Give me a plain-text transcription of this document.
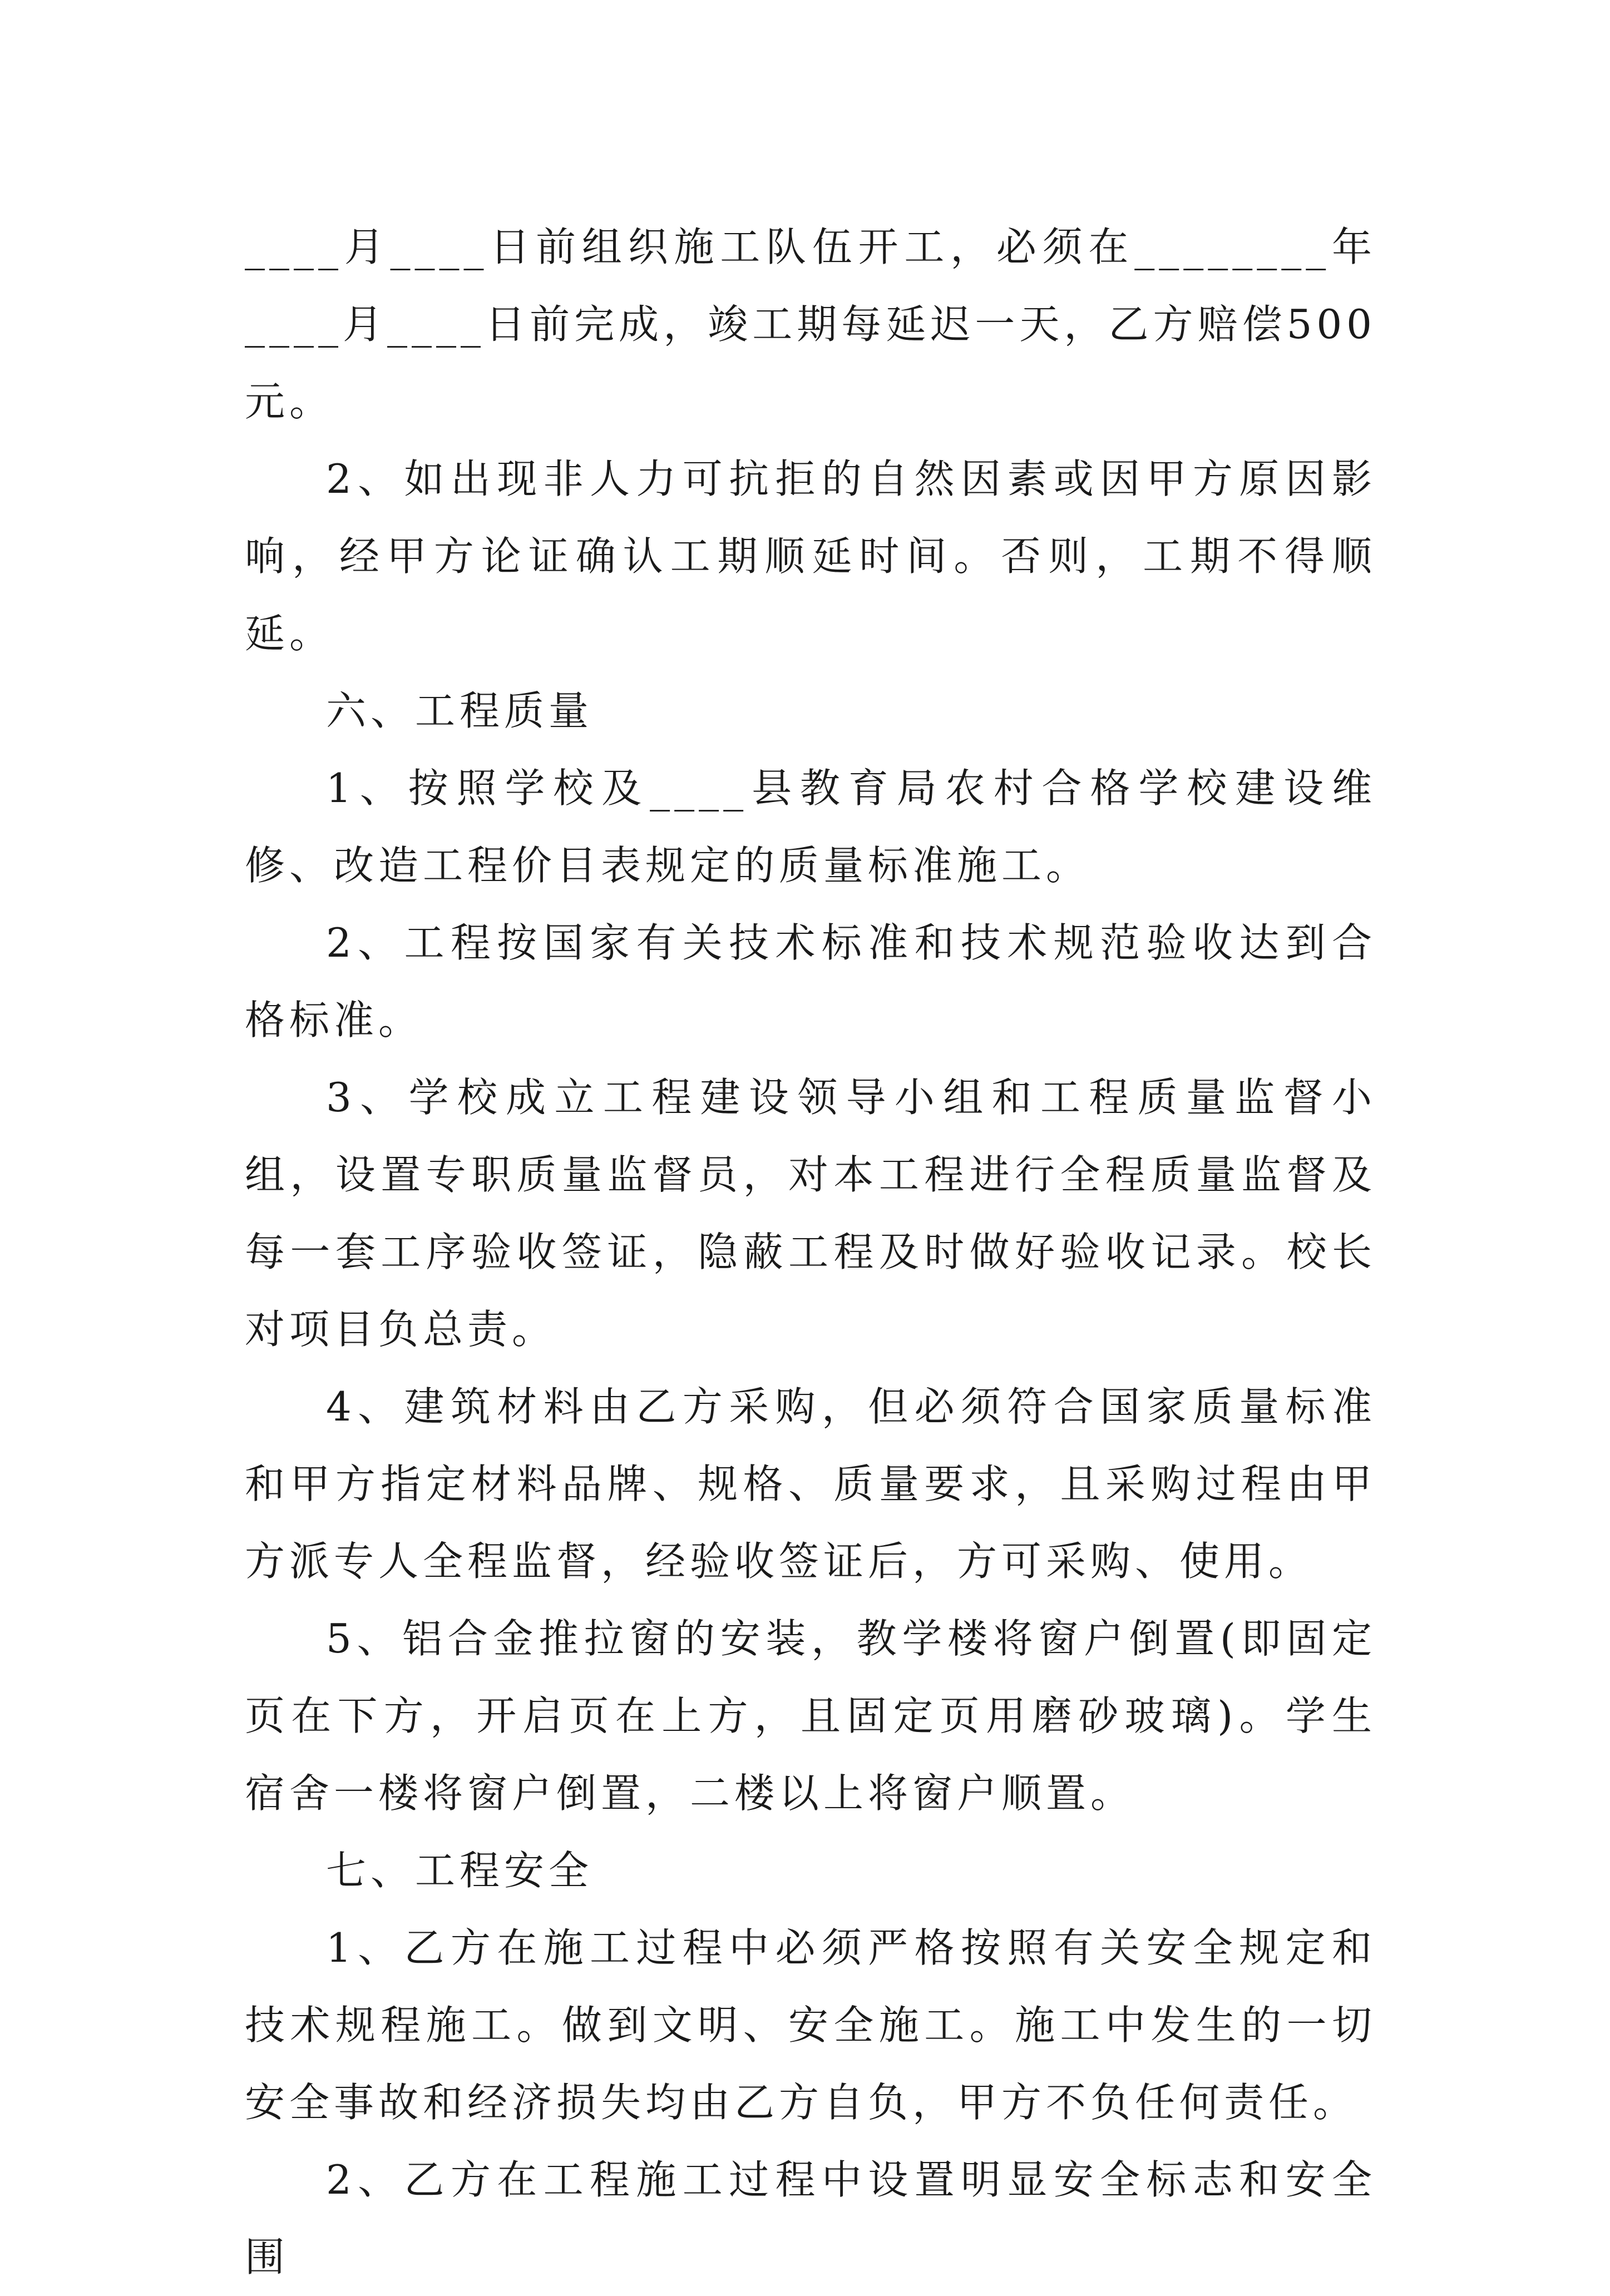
____月____日前组织施工队伍开工，必须在________年____月____日前完成，竣工期每延迟一天，乙方赔偿500元。

2、如出现非人力可抗拒的自然因素或因甲方原因影响，经甲方论证确认工期顺延时间。否则，工期不得顺延。

六、工程质量

1、按照学校及____县教育局农村合格学校建设维修、改造工程价目表规定的质量标准施工。

2、工程按国家有关技术标准和技术规范验收达到合格标准。

3、学校成立工程建设领导小组和工程质量监督小组，设置专职质量监督员，对本工程进行全程质量监督及每一套工序验收签证，隐蔽工程及时做好验收记录。校长对项目负总责。

4、建筑材料由乙方采购，但必须符合国家质量标准和甲方指定材料品牌、规格、质量要求，且采购过程由甲方派专人全程监督，经验收签证后，方可采购、使用。

5、铝合金推拉窗的安装，教学楼将窗户倒置(即固定页在下方，开启页在上方，且固定页用磨砂玻璃)。学生宿舍一楼将窗户倒置，二楼以上将窗户顺置。

七、工程安全

1、乙方在施工过程中必须严格按照有关安全规定和技术规程施工。做到文明、安全施工。施工中发生的一切安全事故和经济损失均由乙方自负，甲方不负任何责任。

2、乙方在工程施工过程中设置明显安全标志和安全围
